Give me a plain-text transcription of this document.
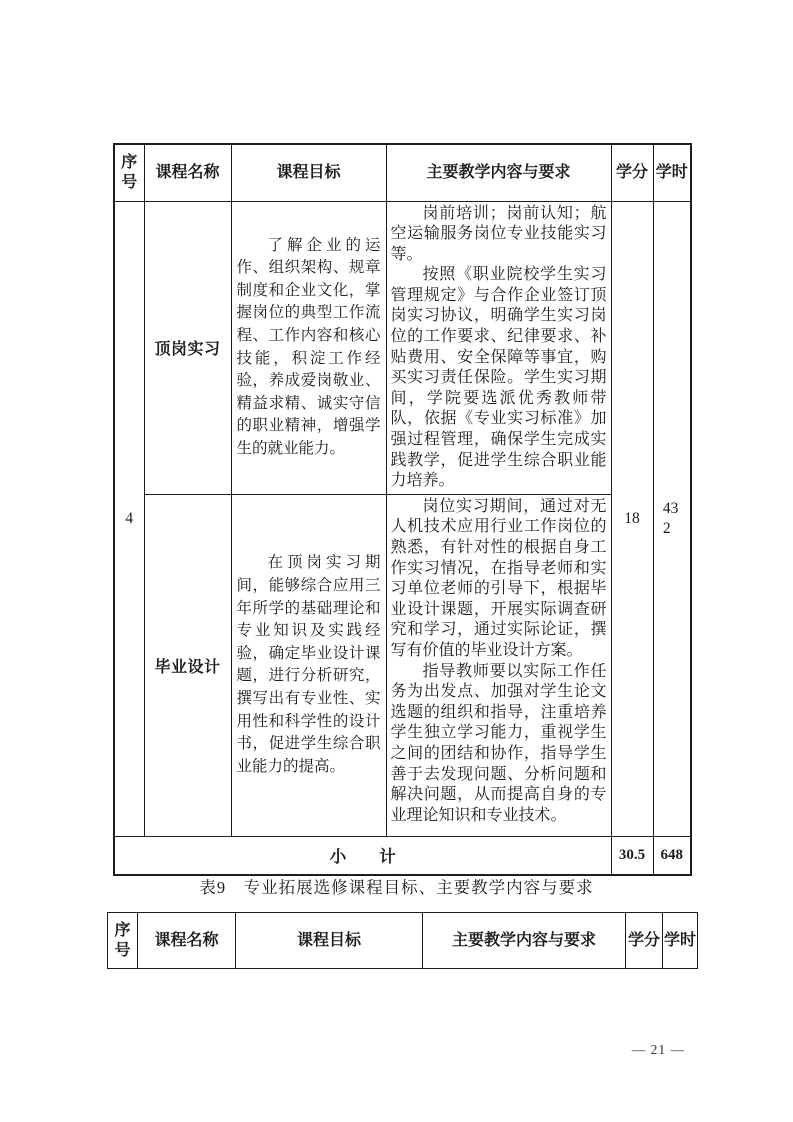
序号	课程名称	课程目标	主要教学内容与要求	学分	学时
4	顶岗实习	了解企业的运作、组织架构、规章制度和企业文化，掌握岗位的典型工作流程、工作内容和核心技能，积淀工作经验，养成爱岗敬业、精益求精、诚实守信的职业精神，增强学生的就业能力。	岗前培训；岗前认知；航空运输服务岗位专业技能实习等。

按照《职业院校学生实习管理规定》与合作企业签订顶岗实习协议，明确学生实习岗位的工作要求、纪律要求、补贴费用、安全保障等事宜，购买实习责任保险。学生实习期间，学院要选派优秀教师带队，依据《专业实习标准》加强过程管理，确保学生完成实践教学，促进学生综合职业能力培养。	18	432
	毕业设计	在顶岗实习期间，能够综合应用三年所学的基础理论和专业知识及实践经验，确定毕业设计课题，进行分析研究，撰写出有专业性、实用性和科学性的设计书，促进学生综合职业能力的提高。	岗位实习期间，通过对无人机技术应用行业工作岗位的熟悉，有针对性的根据自身工作实习情况，在指导老师和实习单位老师的引导下，根据毕业设计课题，开展实际调查研究和学习，通过实际论证，撰写有价值的毕业设计方案。

指导教师要以实际工作任务为出发点、加强对学生论文选题的组织和指导，注重培养学生独立学习能力，重视学生之间的团结和协作，指导学生善于去发现问题、分析问题和解决问题，从而提高自身的专业理论知识和专业技术。		

小　　计				30.5	648
表9　专业拓展选修课程目标、主要教学内容与要求
序号	课程名称	课程目标	主要教学内容与要求	学分	学时
— 21 —
